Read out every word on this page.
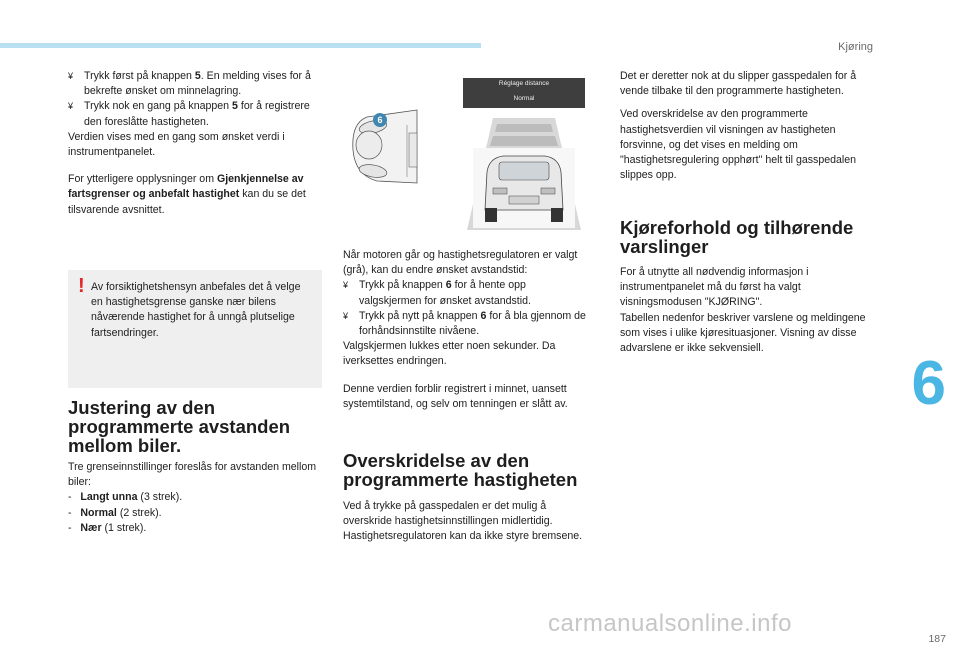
Kjøring
¥ Trykk først på knappen 5. En melding vises for å bekrefte ønsket om minnelagring.
¥ Trykk nok en gang på knappen 5 for å registrere den foreslåtte hastigheten.

Verdien vises med en gang som ønsket verdi i instrumentpanelet.

For ytterligere opplysninger om Gjenkjennelse av fartsgrenser og anbefalt hastighet kan du se det tilsvarende avsnittet.

! Av forsiktighetshensyn anbefales det å velge en hastighetsgrense ganske nær bilens nåværende hastighet for å unngå plutselige fartsendringer.
Justering av den programmerte avstanden mellom biler.

Tre grenseinnstillinger foreslås for avstanden mellom biler:

- Langt unna (3 strek).
- Normal (2 strek).
- Nær (1 strek).
6
Réglage distance
Normal

Når motoren går og hastighetsregulatoren er valgt (grå), kan du endre ønsket avstandstid:

¥ Trykk på knappen 6 for å hente opp valgskjermen for ønsket avstandstid.
¥ Trykk på nytt på knappen 6 for å bla gjennom de forhåndsinnstilte nivåene.

Valgskjermen lukkes etter noen sekunder. Da iverksettes endringen.

Denne verdien forblir registrert i minnet, uansett systemtilstand, og selv om tenningen er slått av.

Overskridelse av den programmerte hastigheten

Ved å trykke på gasspedalen er det mulig å overskride hastighetsinnstillingen midlertidig. Hastighetsregulatoren kan da ikke styre bremsene.

Det er deretter nok at du slipper gasspedalen for å vende tilbake til den programmerte hastigheten.

Ved overskridelse av den programmerte hastighetsverdien vil visningen av hastigheten forsvinne, og det vises en melding om "hastighetsregulering opphørt" helt til gasspedalen slippes opp.

Kjøreforhold og tilhørende varslinger

For å utnytte all nødvendig informasjon i instrumentpanelet må du først ha valgt visningsmodusen "KJØRING".

Tabellen nedenfor beskriver varslene og meldingene som vises i ulike kjøresituasjoner. Visning av disse advarslene er ikke sekvensiell.

6
carmanualsonline.info
187
